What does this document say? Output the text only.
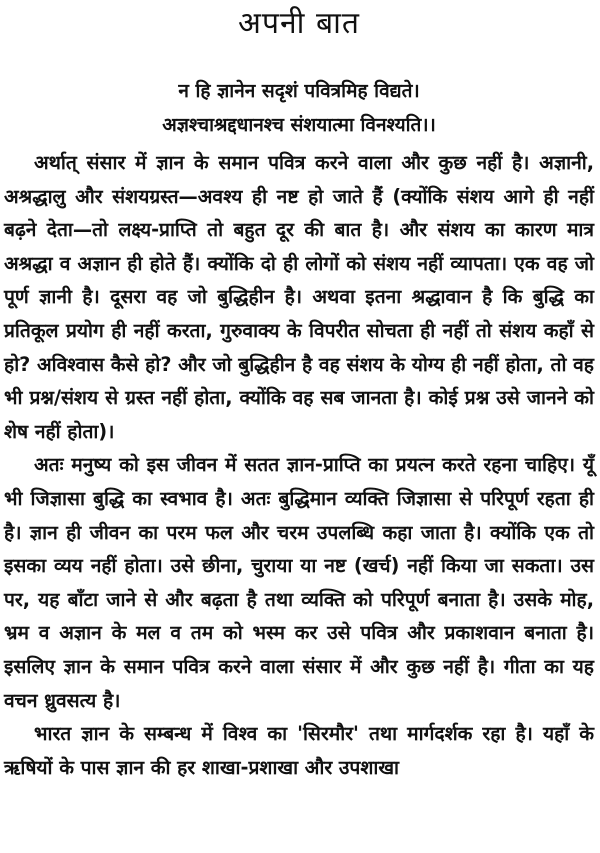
अपनी बात

न हि ज्ञानेन सदृशं पवित्रमिह विद्यते।

अज्ञश्चाश्रद्दधानश्च संशयात्मा विनश्यति।।

अर्थात् संसार में ज्ञान के समान पवित्र करने वाला और कुछ नहीं है। अज्ञानी, अश्रद्धालु और संशयग्रस्त—अवश्य ही नष्ट हो जाते हैं (क्योंकि संशय आगे ही नहीं बढ़ने देता—तो लक्ष्य-प्राप्ति तो बहुत दूर की बात है। और संशय का कारण मात्र अश्रद्धा व अज्ञान ही होते हैं। क्योंकि दो ही लोगों को संशय नहीं व्यापता। एक वह जो पूर्ण ज्ञानी है। दूसरा वह जो बुद्धिहीन है। अथवा इतना श्रद्धावान है कि बुद्धि का प्रतिकूल प्रयोग ही नहीं करता, गुरुवाक्य के विपरीत सोचता ही नहीं तो संशय कहाँ से हो? अविश्वास कैसे हो? और जो बुद्धिहीन है वह संशय के योग्य ही नहीं होता, तो वह भी प्रश्न/संशय से ग्रस्त नहीं होता, क्योंकि वह सब जानता है। कोई प्रश्न उसे जानने को शेष नहीं होता)।

अतः मनुष्य को इस जीवन में सतत ज्ञान-प्राप्ति का प्रयत्न करते रहना चाहिए। यूँ भी जिज्ञासा बुद्धि का स्वभाव है। अतः बुद्धिमान व्यक्ति जिज्ञासा से परिपूर्ण रहता ही है। ज्ञान ही जीवन का परम फल और चरम उपलब्धि कहा जाता है। क्योंकि एक तो इसका व्यय नहीं होता। उसे छीना, चुराया या नष्ट (खर्च) नहीं किया जा सकता। उस पर, यह बाँटा जाने से और बढ़ता है तथा व्यक्ति को परिपूर्ण बनाता है। उसके मोह, भ्रम व अज्ञान के मल व तम को भस्म कर उसे पवित्र और प्रकाशवान बनाता है। इसलिए ज्ञान के समान पवित्र करने वाला संसार में और कुछ नहीं है। गीता का यह वचन ध्रुवसत्य है।

भारत ज्ञान के सम्बन्ध में विश्व का 'सिरमौर' तथा मार्गदर्शक रहा है। यहाँ के ऋषियों के पास ज्ञान की हर शाखा-प्रशाखा और उपशाखा
